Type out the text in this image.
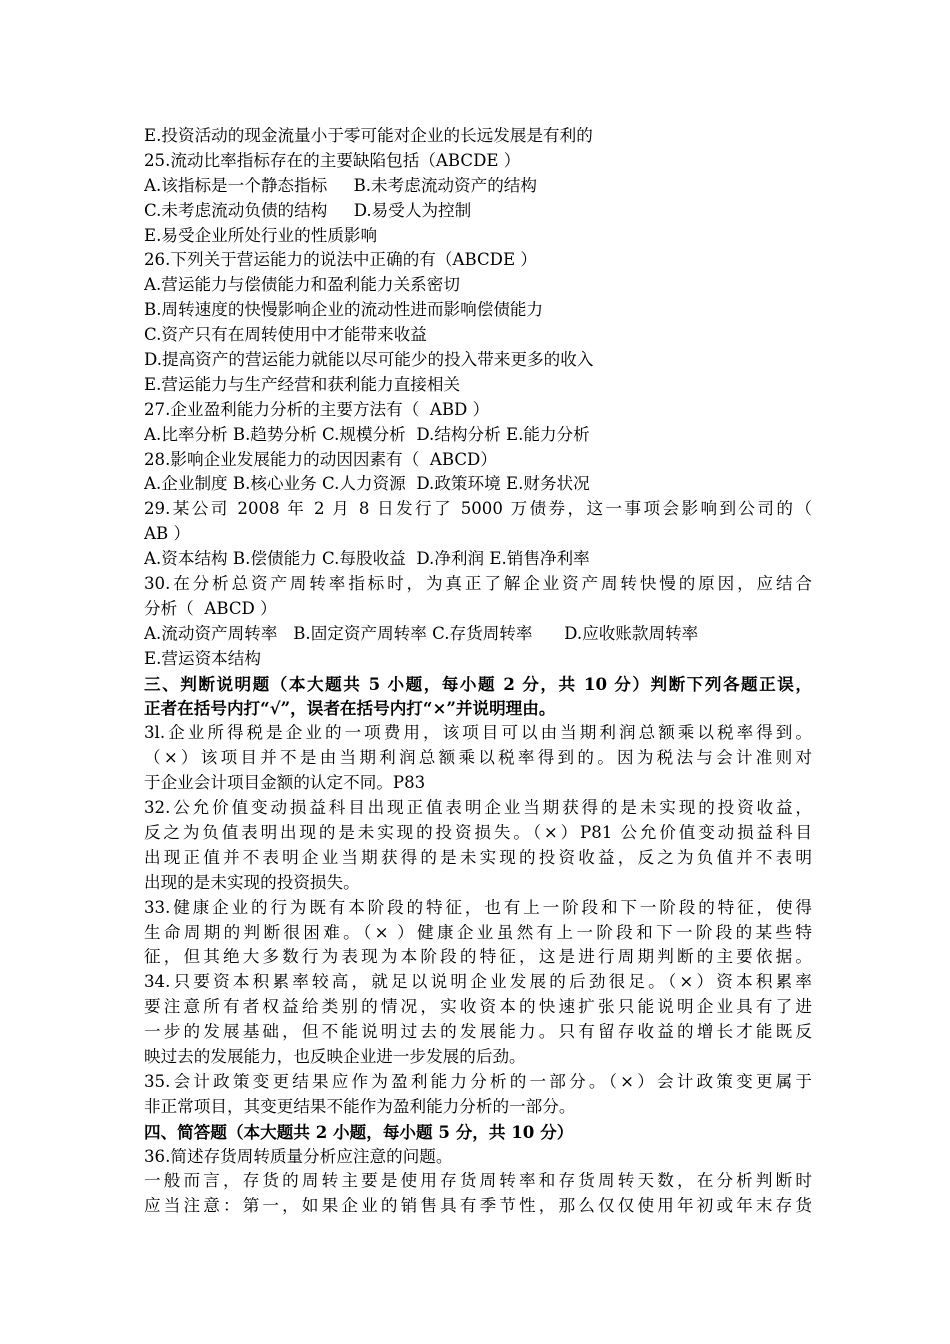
E.投资活动的现金流量小于零可能对企业的长远发展是有利的
25.流动比率指标存在的主要缺陷包括（ABCDE ）
A.该指标是一个静态指标     B.未考虑流动资产的结构
C.未考虑流动负债的结构     D.易受人为控制
E.易受企业所处行业的性质影响
26.下列关于营运能力的说法中正确的有（ABCDE ）
A.营运能力与偿债能力和盈利能力关系密切
B.周转速度的快慢影响企业的流动性进而影响偿债能力
C.资产只有在周转使用中才能带来收益
D.提高资产的营运能力就能以尽可能少的投入带来更多的收入
E.营运能力与生产经营和获利能力直接相关
27.企业盈利能力分析的主要方法有（  ABD ）
A.比率分析 B.趋势分析 C.规模分析  D.结构分析 E.能力分析
28.影响企业发展能力的动因因素有（  ABCD）
A.企业制度 B.核心业务 C.人力资源  D.政策环境 E.财务状况
29.某公司 2008 年 2 月 8 日发行了 5000 万债券，这一事项会影响到公司的（
AB ）
A.资本结构 B.偿债能力 C.每股收益  D.净利润 E.销售净利率
30.在分析总资产周转率指标时，为真正了解企业资产周转快慢的原因，应结合
分析（  ABCD ）
A.流动资产周转率   B.固定资产周转率 C.存货周转率      D.应收账款周转率
E.营运资本结构
三、判断说明题（本大题共 5 小题，每小题 2 分，共 10 分）判断下列各题正误，
正者在括号内打“√”，误者在括号内打“×”并说明理由。
3l.企业所得税是企业的一项费用，该项目可以由当期利润总额乘以税率得到。
（×）该项目并不是由当期利润总额乘以税率得到的。因为税法与会计准则对
于企业会计项目金额的认定不同。P83
32.公允价值变动损益科目出现正值表明企业当期获得的是未实现的投资收益，
反之为负值表明出现的是未实现的投资损失。（×）P81 公允价值变动损益科目
出现正值并不表明企业当期获得的是未实现的投资收益，反之为负值并不表明
出现的是未实现的投资损失。
33.健康企业的行为既有本阶段的特征，也有上一阶段和下一阶段的特征，使得
生命周期的判断很困难。（× ）健康企业虽然有上一阶段和下一阶段的某些特
征，但其绝大多数行为表现为本阶段的特征，这是进行周期判断的主要依据。
34.只要资本积累率较高，就足以说明企业发展的后劲很足。（×）资本积累率
要注意所有者权益给类别的情况，实收资本的快速扩张只能说明企业具有了进
一步的发展基础，但不能说明过去的发展能力。只有留存收益的增长才能既反
映过去的发展能力，也反映企业进一步发展的后劲。
35.会计政策变更结果应作为盈利能力分析的一部分。（×）会计政策变更属于
非正常项目，其变更结果不能作为盈利能力分析的一部分。
四、简答题（本大题共 2 小题，每小题 5 分，共 10 分）
36.简述存货周转质量分析应注意的问题。
一般而言，存货的周转主要是使用存货周转率和存货周转天数，在分析判断时
应当注意：第一，如果企业的销售具有季节性，那么仅仅使用年初或年末存货
